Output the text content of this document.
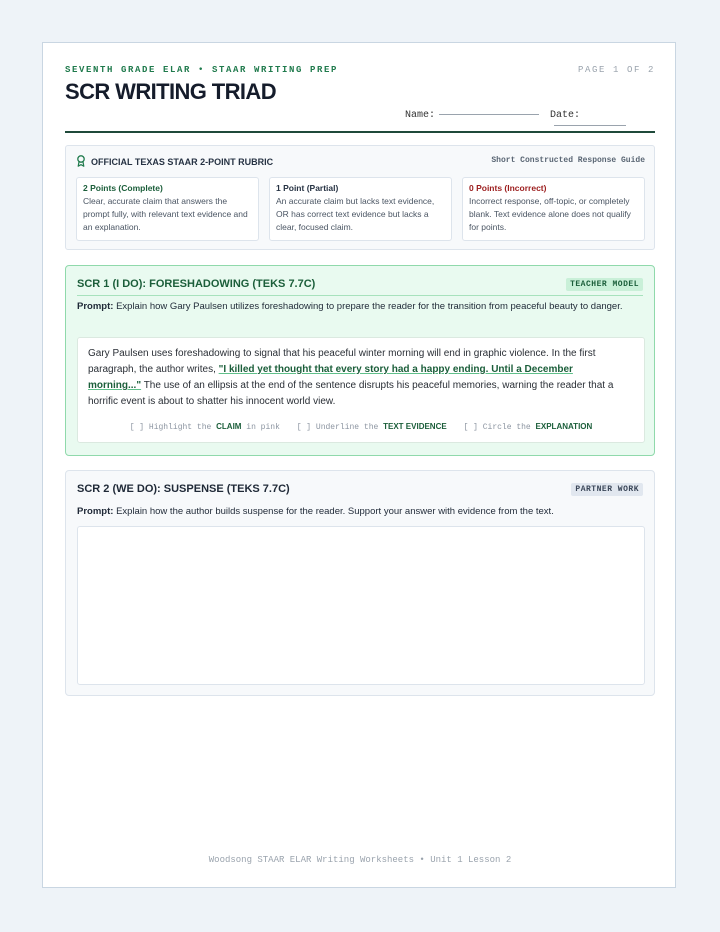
SEVENTH GRADE ELAR • STAAR WRITING PREP	PAGE 1 OF 2
SCR WRITING TRIAD
Name:	Date:
OFFICIAL TEXAS STAAR 2-POINT RUBRIC	Short Constructed Response Guide
2 Points (Complete)
Clear, accurate claim that answers the prompt fully, with relevant text evidence and an explanation.
1 Point (Partial)
An accurate claim but lacks text evidence, OR has correct text evidence but lacks a clear, focused claim.
0 Points (Incorrect)
Incorrect response, off-topic, or completely blank. Text evidence alone does not qualify for points.
SCR 1 (I DO): FORESHADOWING (TEKS 7.7C)	TEACHER MODEL
Prompt: Explain how Gary Paulsen utilizes foreshadowing to prepare the reader for the transition from peaceful beauty to danger.
Gary Paulsen uses foreshadowing to signal that his peaceful winter morning will end in graphic violence. In the first paragraph, the author writes, "I killed yet thought that every story had a happy ending. Until a December morning..." The use of an ellipsis at the end of the sentence disrupts his peaceful memories, warning the reader that a horrific event is about to shatter his innocent world view.
[ ] Highlight the CLAIM in pink [ ] Underline the TEXT EVIDENCE [ ] Circle the EXPLANATION
SCR 2 (WE DO): SUSPENSE (TEKS 7.7C)	PARTNER WORK
Prompt: Explain how the author builds suspense for the reader. Support your answer with evidence from the text.
Woodsong STAAR ELAR Writing Worksheets • Unit 1 Lesson 2
